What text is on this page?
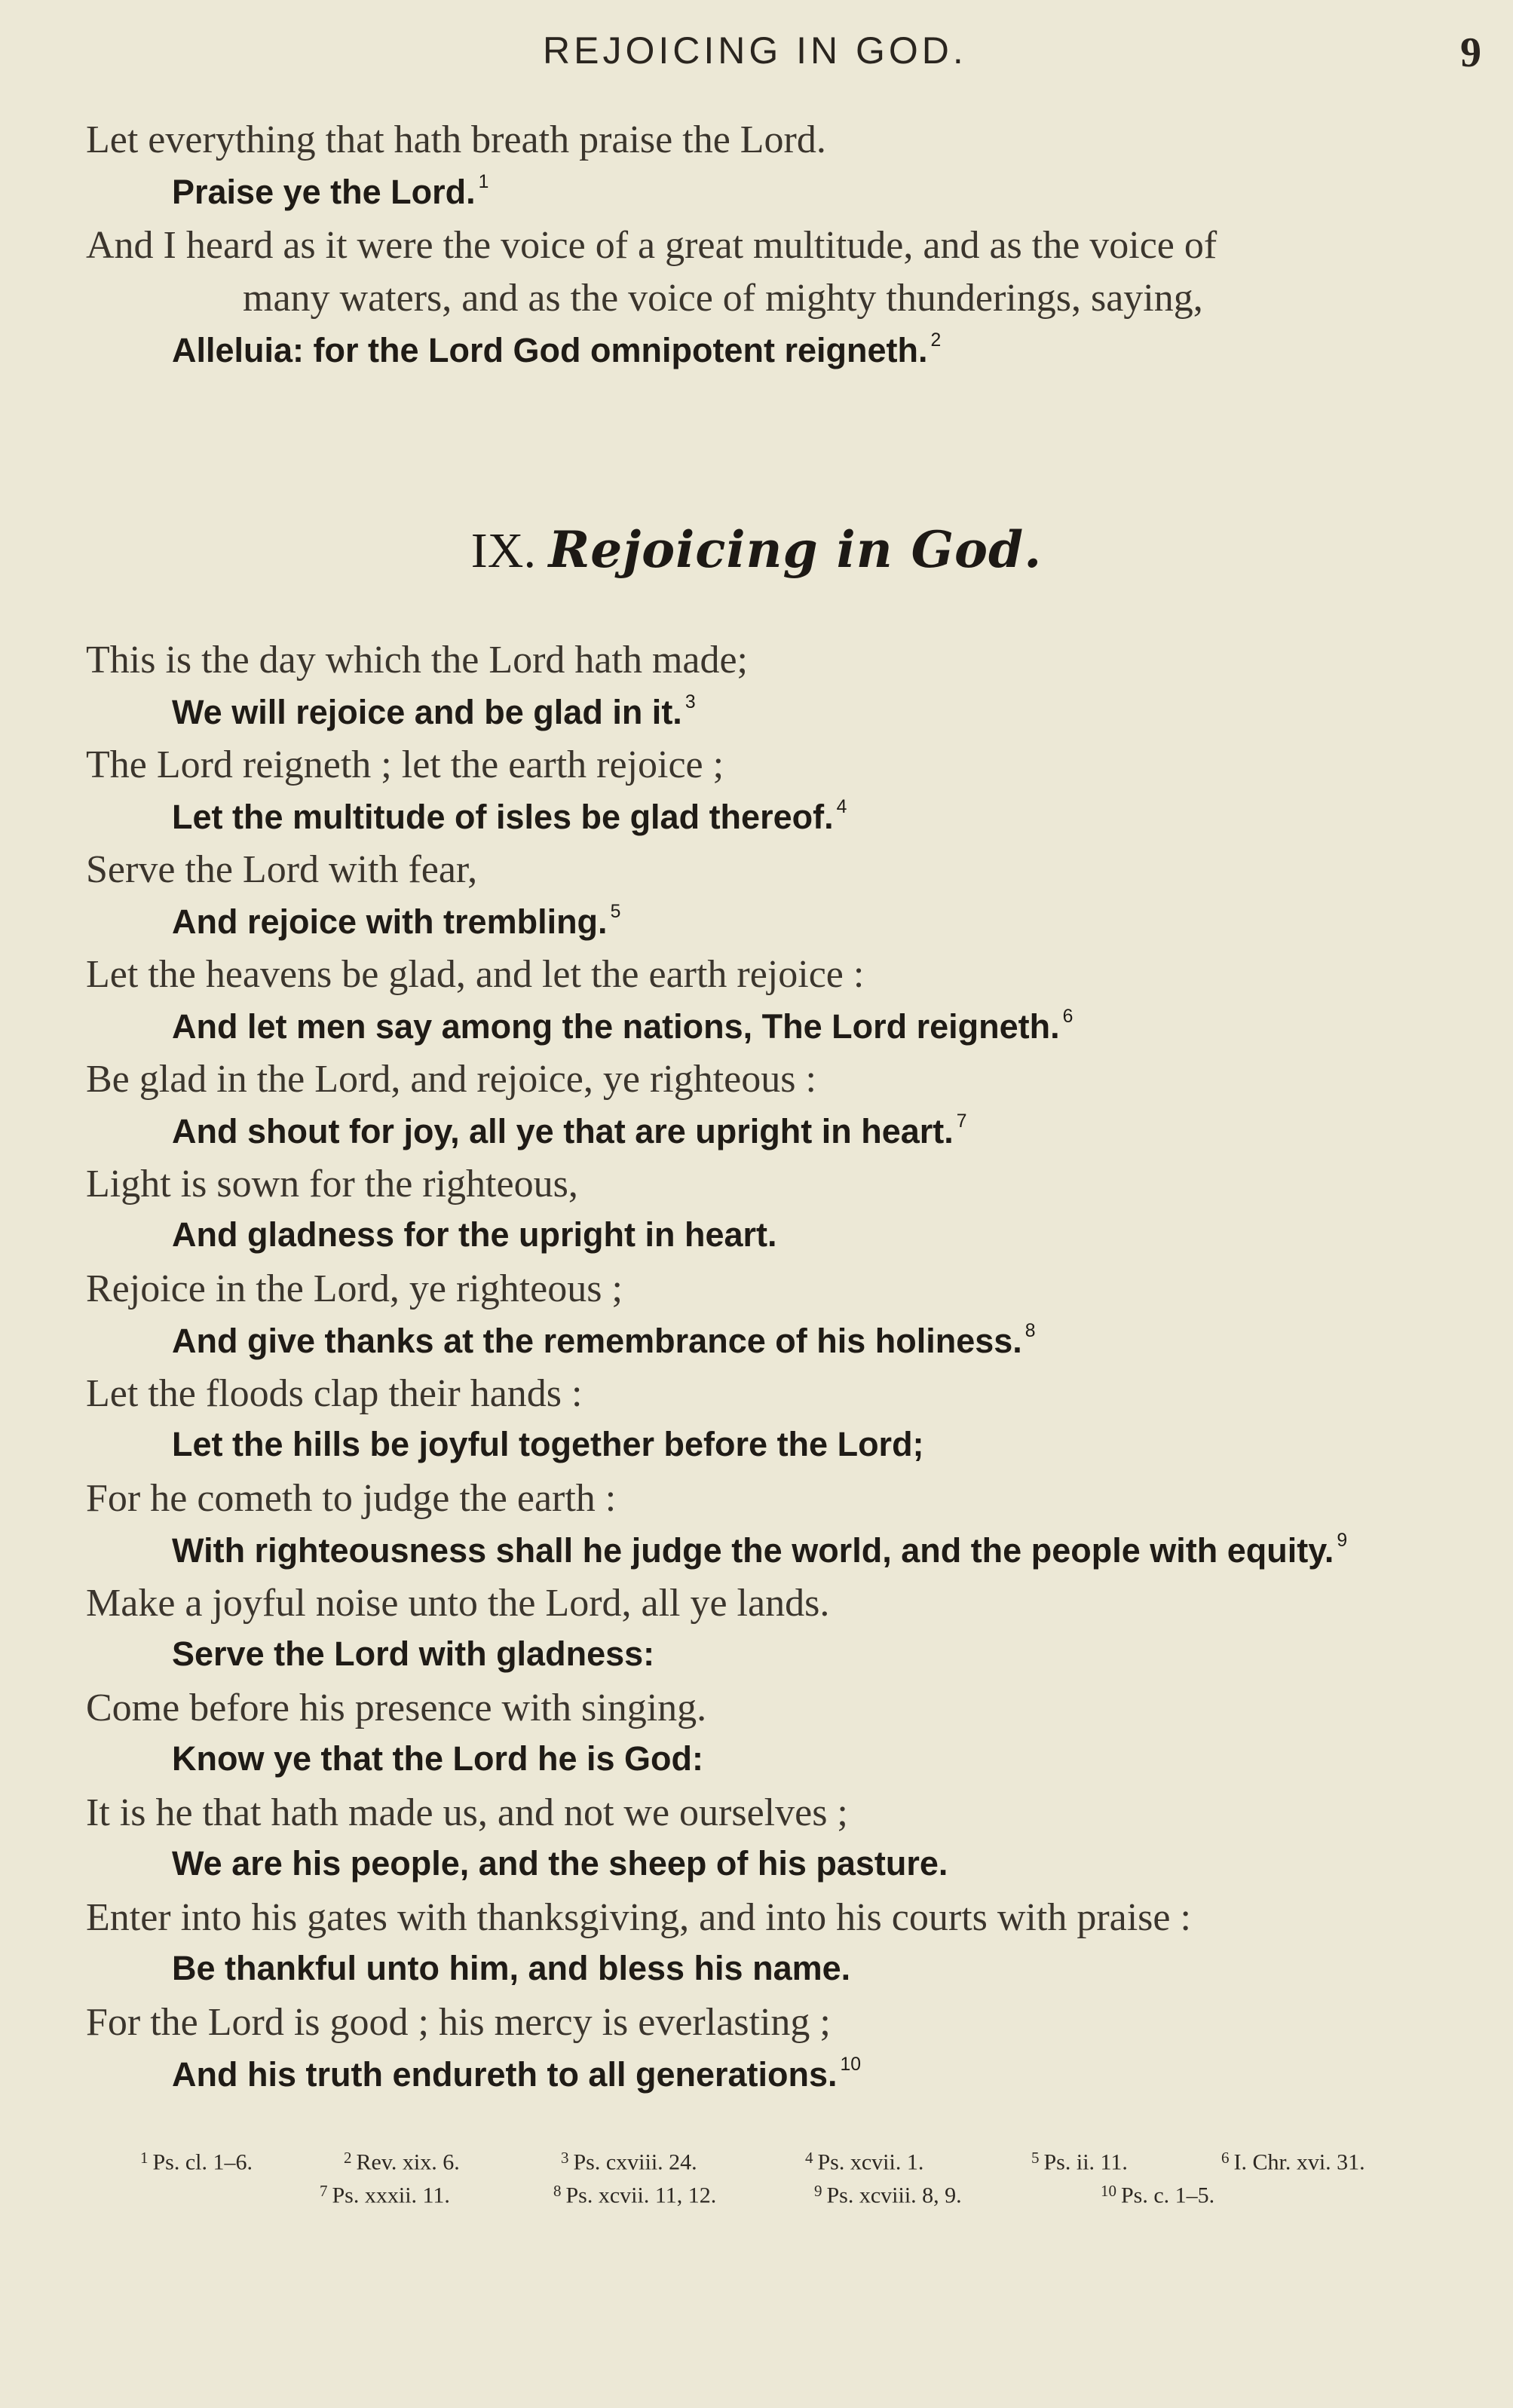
REJOICING IN GOD.	9
Let everything that hath breath praise the Lord.
Praise ye the Lord. $^1$
And I heard as it were the voice of a great multitude, and as the voice of
many waters, and as the voice of mighty thunderings, saying,
Alleluia: for the Lord God omnipotent reigneth. $^2$
IX. Rejoicing in God.
This is the day which the Lord hath made;
We will rejoice and be glad in it. $^3$
The Lord reigneth ; let the earth rejoice ;
Let the multitude of isles be glad thereof. $^4$
Serve the Lord with fear,
And rejoice with trembling. $^5$
Let the heavens be glad, and let the earth rejoice :
And let men say among the nations, The Lord reigneth. $^6$
Be glad in the Lord, and rejoice, ye righteous :
And shout for joy, all ye that are upright in heart. $^7$
Light is sown for the righteous,
And gladness for the upright in heart.
Rejoice in the Lord, ye righteous ;
And give thanks at the remembrance of his holiness. $^8$
Let the floods clap their hands :
Let the hills be joyful together before the Lord;
For he cometh to judge the earth :
With righteousness shall he judge the world, and the people with equity. $^9$
Make a joyful noise unto the Lord, all ye lands.
Serve the Lord with gladness:
Come before his presence with singing.
Know ye that the Lord he is God:
It is he that hath made us, and not we ourselves ;
We are his people, and the sheep of his pasture.
Enter into his gates with thanksgiving, and into his courts with praise :
Be thankful unto him, and bless his name.
For the Lord is good ; his mercy is everlasting ;
And his truth endureth to all generations. $^{10}$
$^1$ Ps. cl. 1–6.	$^2$ Rev. xix. 6.	$^3$ Ps. cxviii. 24.	$^4$ Ps. xcvii. 1.	$^5$ Ps. ii. 11.	$^6$ I. Chr. xvi. 31.
$^7$ Ps. xxxii. 11.	$^8$ Ps. xcvii. 11, 12.	$^9$ Ps. xcviii. 8, 9.	$^{10}$ Ps. c. 1–5.
